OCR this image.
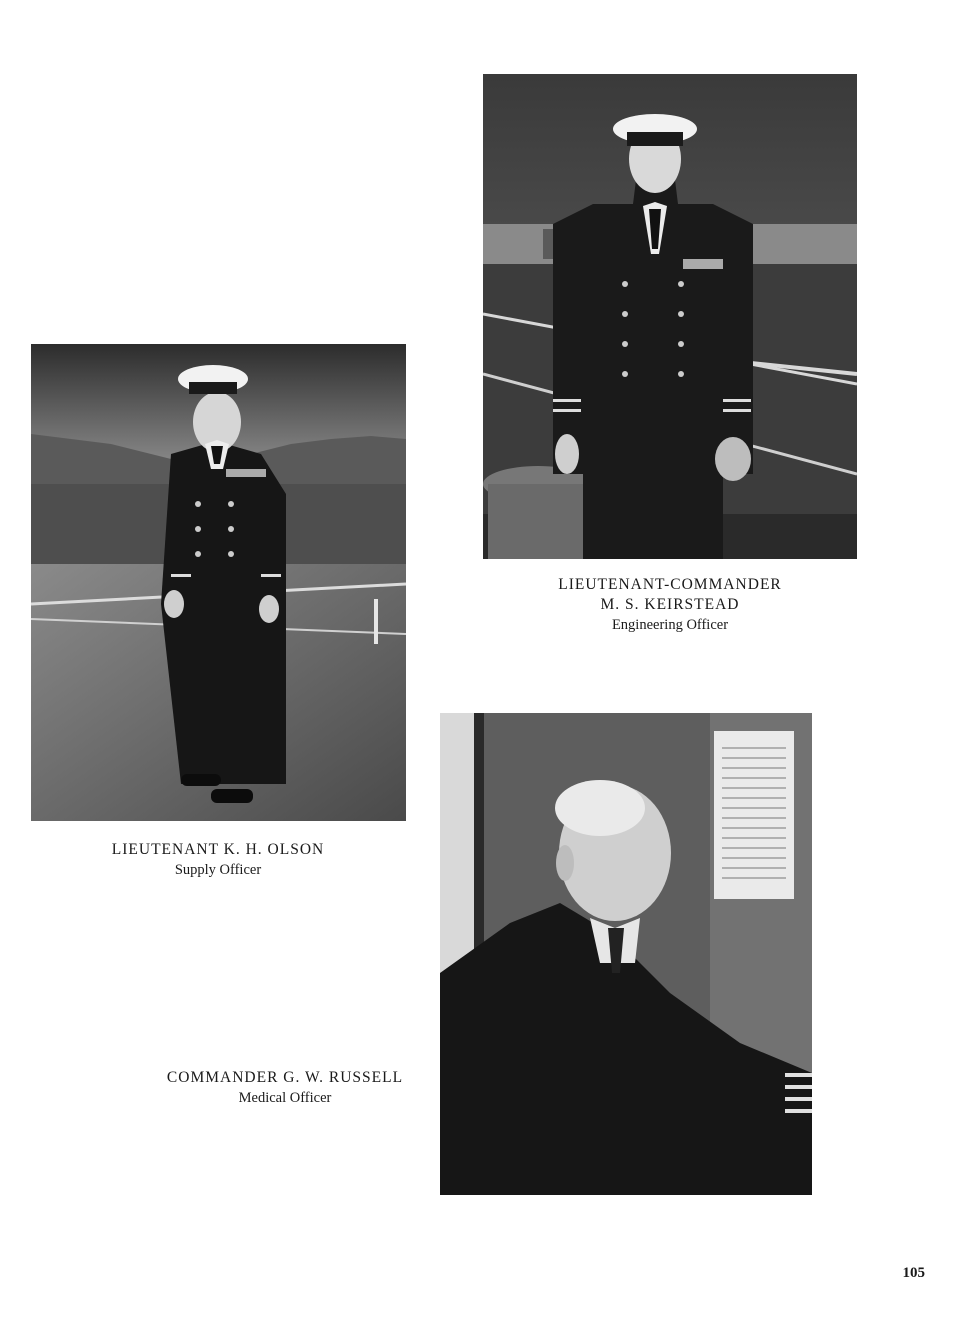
LIEUTENANT-COMMANDER
M. S. KEIRSTEAD
Engineering Officer
LIEUTENANT K. H. OLSON
Supply Officer
COMMANDER G. W. RUSSELL
Medical Officer
105
